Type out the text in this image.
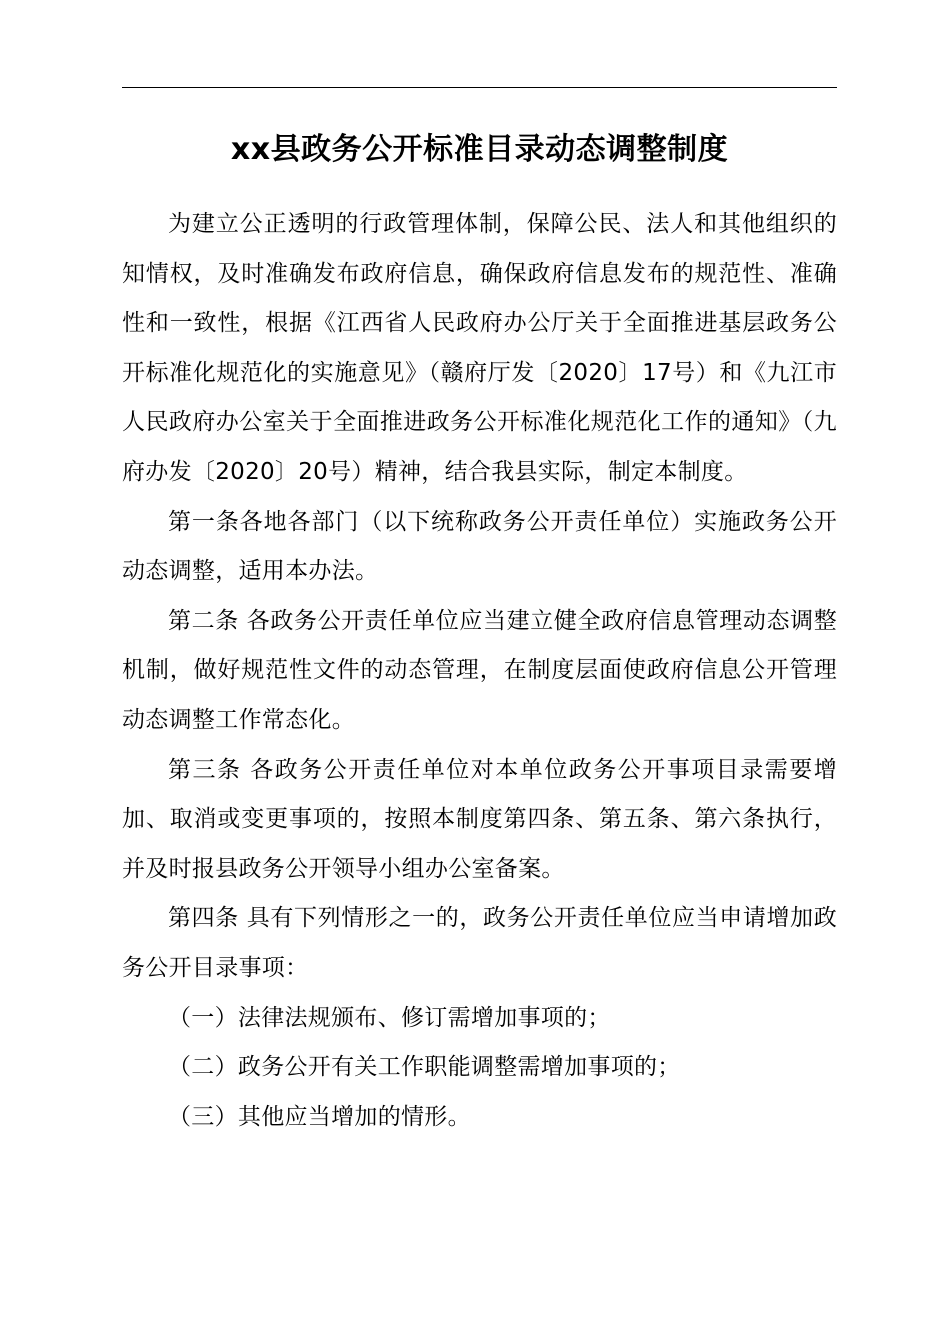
xx县政务公开标准目录动态调整制度

为建立公正透明的行政管理体制，保障公民、法人和其他组织的知情权，及时准确发布政府信息，确保政府信息发布的规范性、准确性和一致性，根据《江西省人民政府办公厅关于全面推进基层政务公开标准化规范化的实施意见》（赣府厅发〔2020〕17号）和《九江市人民政府办公室关于全面推进政务公开标准化规范化工作的通知》（九府办发〔2020〕20号）精神，结合我县实际，制定本制度。

第一条各地各部门（以下统称政务公开责任单位）实施政务公开动态调整，适用本办法。

第二条 各政务公开责任单位应当建立健全政府信息管理动态调整机制，做好规范性文件的动态管理，在制度层面使政府信息公开管理动态调整工作常态化。

第三条 各政务公开责任单位对本单位政务公开事项目录需要增加、取消或变更事项的，按照本制度第四条、第五条、第六条执行，并及时报县政务公开领导小组办公室备案。

第四条 具有下列情形之一的，政务公开责任单位应当申请增加政务公开目录事项：

（一）法律法规颁布、修订需增加事项的；

（二）政务公开有关工作职能调整需增加事项的；

（三）其他应当增加的情形。
